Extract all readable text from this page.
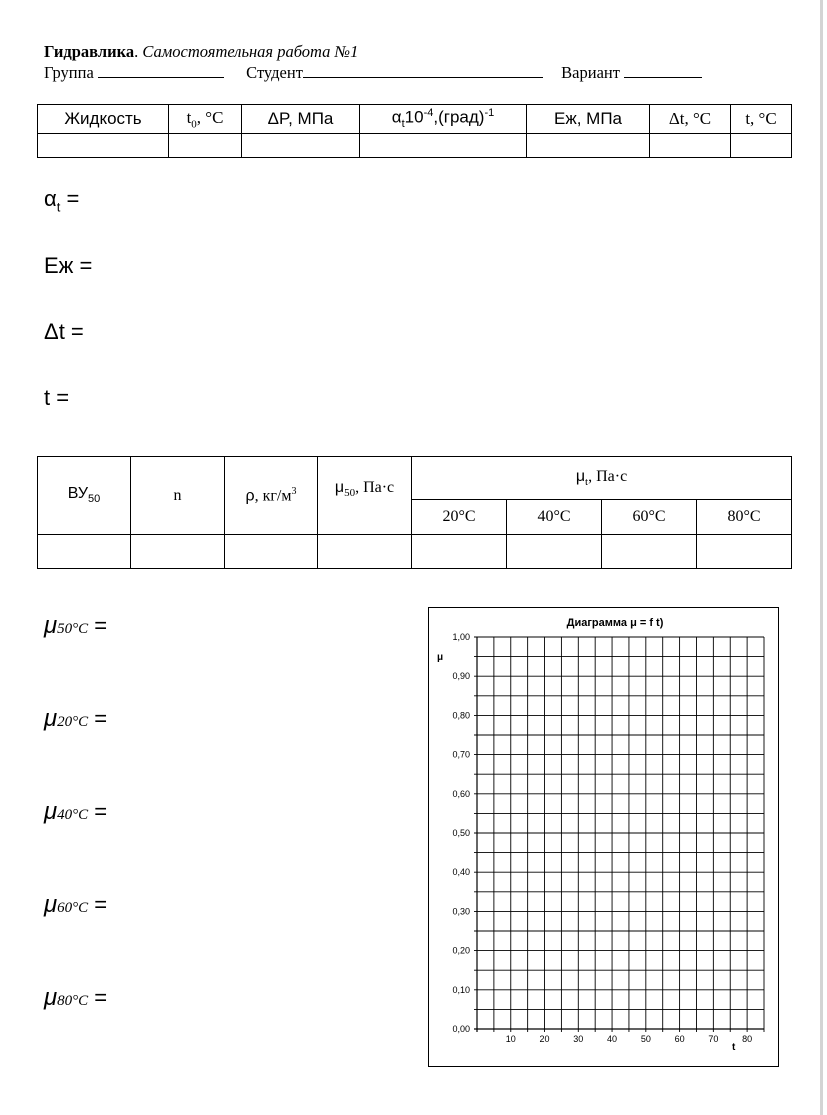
Гидравлика. Самостоятельная работа №1
Группа	Студент	Вариант
Жидкость	$t_0$, °C	ΔP, МПа	$\alpha_t10^{-4},(град)^{-1}$	Eж, МПа	Δt, °C	t, °C

$\alpha_t$ =
Eж =
Δt =
t =
$ВУ_{50}$	n	ρ, $кг/м^3$	$\mu_{50}$, Па·с	$\mu_t$, Па·с			
				20°C	40°C	60°C	80°C

μ50°C =
μ20°C =
μ40°C =
μ60°C =
μ80°C =
Диаграмма μ = f t)
μ
t
0,00
0,10
0,20
0,30
0,40
0,50
0,60
0,70
0,80
0,90
1,00
10	20	30	40	50	60	70	80
